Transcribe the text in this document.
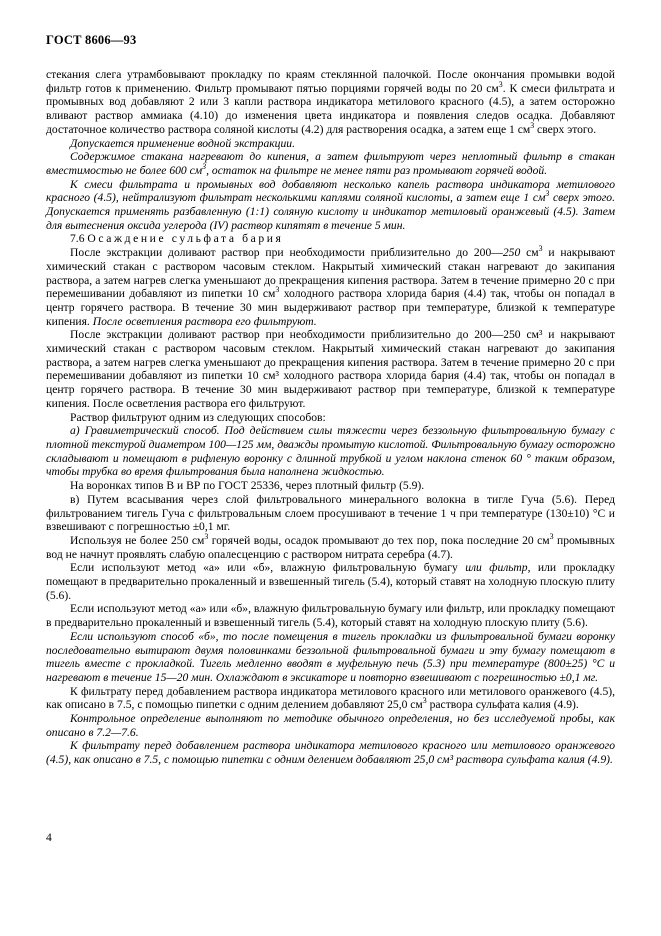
ГОСТ 8606—93

стекания слега утрамбовывают прокладку по краям стеклянной палочкой. После окончания промывки водой фильтр готов к применению. Фильтр промывают пятью порциями горячей воды по 20 $см^3$. К смеси фильтрата и промывных вод добавляют 2 или 3 капли раствора индикатора метилового красного (4.5), а затем осторожно вливают раствор аммиака (4.10) до изменения цвета индикатора и появления следов осадка. Добавляют достаточное количество раствора соляной кислоты (4.2) для растворения осадка, а затем еще 1 $см^3$ сверх этого.

Допускается применение водной экстракции.

Содержимое стакана нагревают до кипения, а затем фильтруют через неплотный фильтр в стакан вместимостью не более 600 $см^3$, остаток на фильтре не менее пяти раз промывают горячей водой.

К смеси фильтрата и промывных вод добавляют несколько капель раствора индикатора метилового красного (4.5), нейтрализуют фильтрат несколькими каплями соляной кислоты, а затем еще 1 $см^3$ сверх этого. Допускается применять разбавленную (1:1) соляную кислоту и индикатор метиловый оранжевый (4.5). Затем для вытеснения оксида углерода (IV) раствор кипятят в течение 5 мин.

7.6 Осаждение сульфата бария

После экстракции доливают раствор при необходимости приблизительно до 200—250 $см^3$ и накрывают химический стакан с раствором часовым стеклом. Накрытый химический стакан нагревают до закипания раствора, а затем нагрев слегка уменьшают до прекращения кипения раствора. Затем в течение примерно 20 с при перемешивании добавляют из пипетки 10 $см^3$ холодного раствора хлорида бария (4.4) так, чтобы он попадал в центр горячего раствора. В течение 30 мин выдерживают раствор при температуре, близкой к температуре кипения. После осветления раствора его фильтруют.

После экстракции доливают раствор при необходимости приблизительно до 200—250 см³ и накрывают химический стакан с раствором часовым стеклом. Накрытый химический стакан нагревают до закипания раствора, а затем нагрев слегка уменьшают до прекращения кипения раствора. Затем в течение примерно 20 с при перемешивании добавляют из пипетки 10 см³ холодного раствора хлорида бария (4.4) так, чтобы он попадал в центр горячего раствора. В течение 30 мин выдерживают раствор при температуре, близкой к температуре кипения. После осветления раствора его фильтруют.

Раствор фильтруют одним из следующих способов:

а) Гравиметрический способ. Под действием силы тяжести через беззольную фильтровальную бумагу с плотной текстурой диаметром 100—125 мм, дважды промытую кислотой. Фильтровальную бумагу осторожно складывают и помещают в рифленую воронку с длинной трубкой и углом наклона стенок 60 ° таким образом, чтобы трубка во время фильтрования была наполнена жидкостью.

На воронках типов В и ВР по ГОСТ 25336, через плотный фильтр (5.9).

в) Путем всасывания через слой фильтровального минерального волокна в тигле Гуча (5.6). Перед фильтрованием тигель Гуча с фильтровальным слоем просушивают в течение 1 ч при температуре (130±10) °С и взвешивают с погрешностью ±0,1 мг.

Используя не более 250 $см^3$ горячей воды, осадок промывают до тех пор, пока последние 20 $см^3$ промывных вод не начнут проявлять слабую опалесценцию с раствором нитрата серебра (4.7).

Если используют метод «а» или «б», влажную фильтровальную бумагу или фильтр, или прокладку помещают в предварительно прокаленный и взвешенный тигель (5.4), который ставят на холодную плоскую плиту (5.6).

Если используют метод «а» или «б», влажную фильтровальную бумагу или фильтр, или прокладку помещают в предварительно прокаленный и взвешенный тигель (5.4), который ставят на холодную плоскую плиту (5.6).

Если используют способ «б», то после помещения в тигель прокладки из фильтровальной бумаги воронку последовательно вытирают двумя половинками беззольной фильтровальной бумаги и эту бумагу помещают в тигель вместе с прокладкой. Тигель медленно вводят в муфельную печь (5.3) при температуре (800±25) °С и нагревают в течение 15—20 мин. Охлаждают в эксикаторе и повторно взвешивают с погрешностью ±0,1 мг.

К фильтрату перед добавлением раствора индикатора метилового красного или метилового оранжевого (4.5), как описано в 7.5, с помощью пипетки с одним делением добавляют 25,0 $см^3$ раствора сульфата калия (4.9).

Контрольное определение выполняют по методике обычного определения, но без исследуемой пробы, как описано в 7.2—7.6.

К фильтрату перед добавлением раствора индикатора метилового красного или метилового оранжевого (4.5), как описано в 7.5, с помощью пипетки с одним делением добавляют 25,0 см³ раствора сульфата калия (4.9).

4
